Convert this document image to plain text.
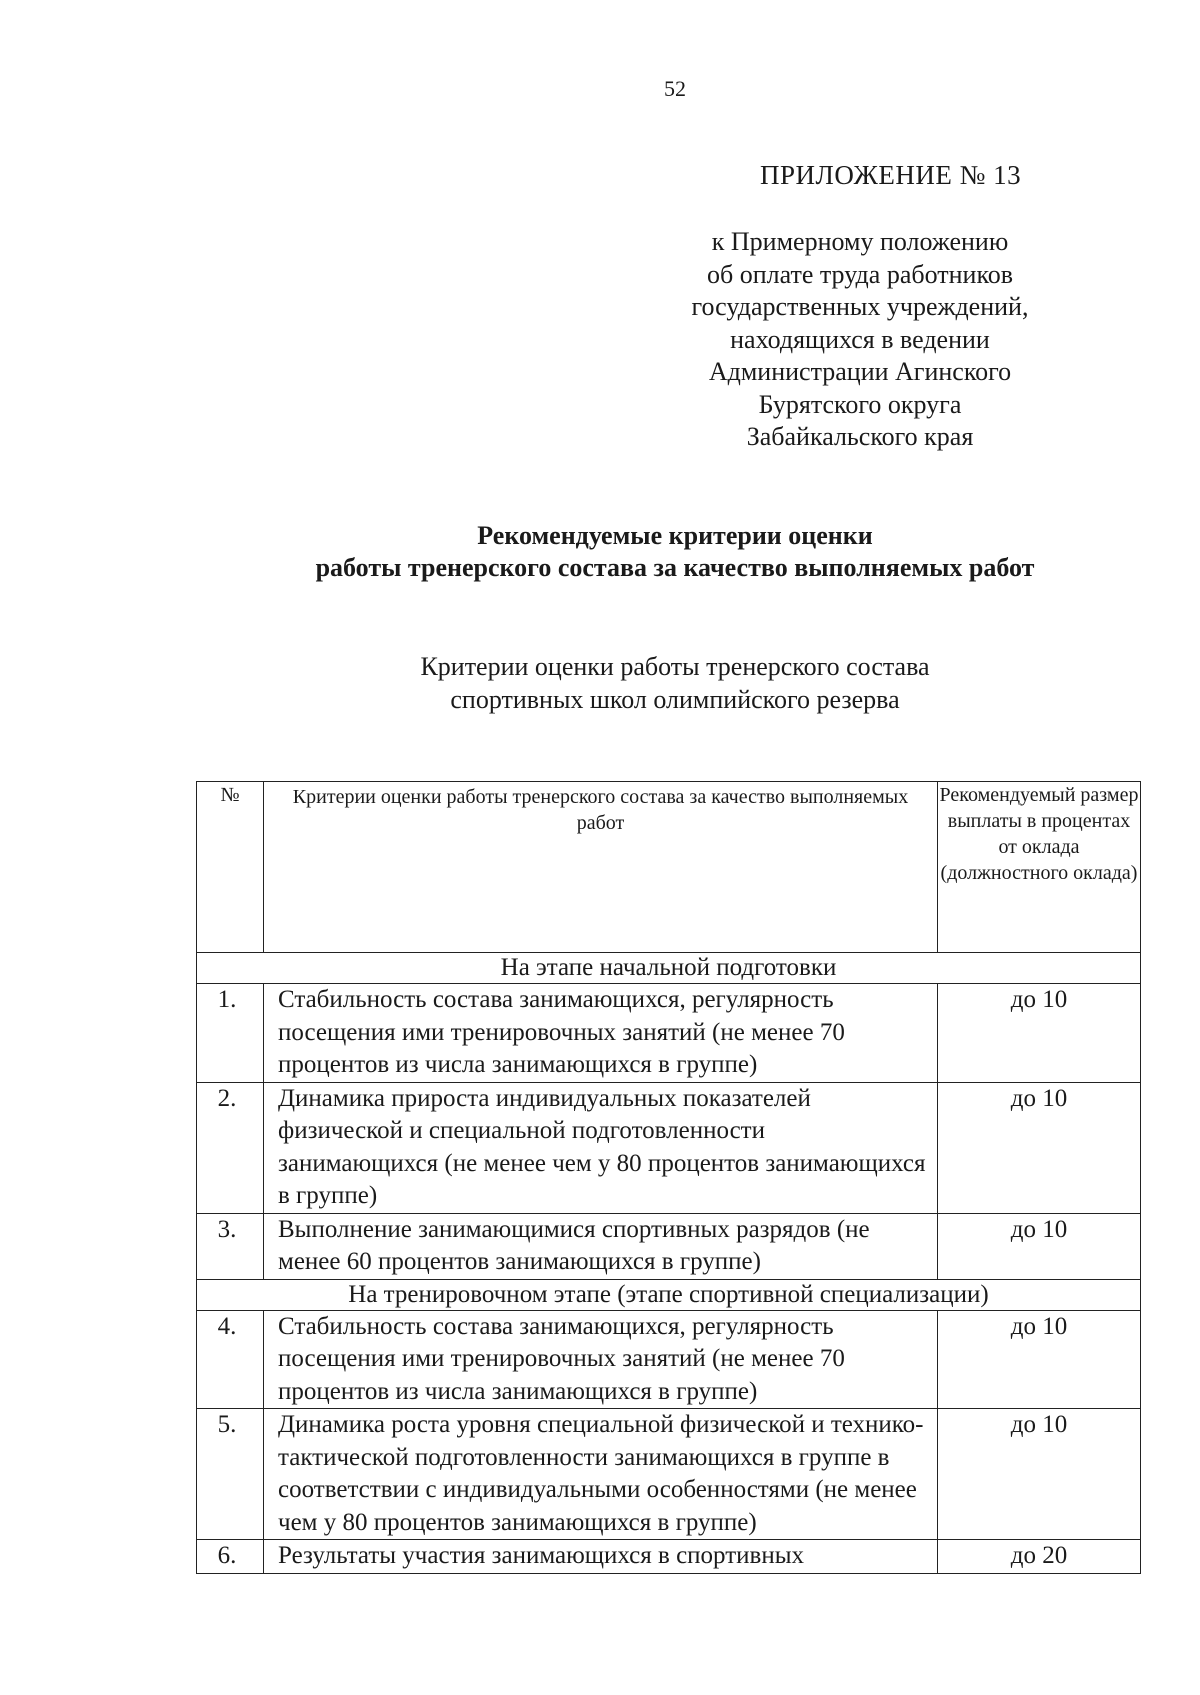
52
ПРИЛОЖЕНИЕ № 13
к Примерному положению
об оплате труда работников
государственных учреждений,
находящихся в ведении
Администрации Агинского
Бурятского округа
Забайкальского края
Рекомендуемые критерии оценки
работы тренерского состава за качество выполняемых работ
Критерии оценки работы тренерского состава
спортивных школ олимпийского резерва
№	Критерии оценки работы тренерского состава за качество выполняемых работ	Рекомендуемый размер выплаты в процентах от оклада (должностного оклада)
На этапе начальной подготовки		
1.	Стабильность состава занимающихся, регулярность посещения ими тренировочных занятий (не менее 70 процентов из числа занимающихся в группе)	до 10
2.	Динамика прироста индивидуальных показателей физической и специальной подготовленности занимающихся (не менее чем у 80 процентов занимающихся в группе)	до 10
3.	Выполнение занимающимися спортивных разрядов (не менее 60 процентов занимающихся в группе)	до 10
На тренировочном этапе (этапе спортивной специализации)		
4.	Стабильность состава занимающихся, регулярность посещения ими тренировочных занятий (не менее 70 процентов из числа занимающихся в группе)	до 10
5.	Динамика роста уровня специальной физической и технико-тактической подготовленности занимающихся в группе в соответствии с индивидуальными особенностями (не менее чем у 80 процентов занимающихся в группе)	до 10
6.	Результаты участия занимающихся в спортивных	до 20
